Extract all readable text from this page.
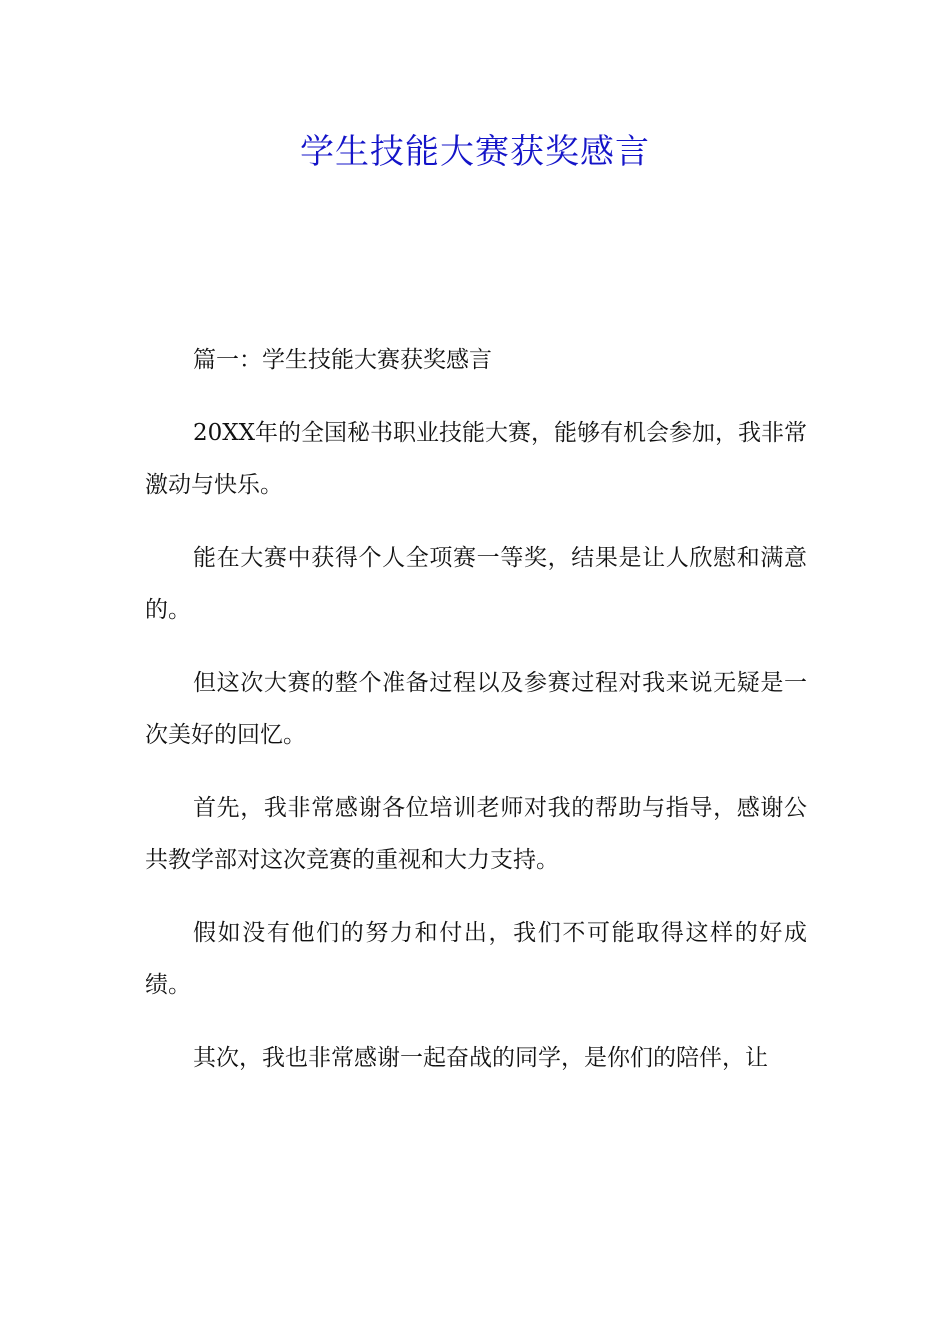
学生技能大赛获奖感言

篇一：学生技能大赛获奖感言

20XX年的全国秘书职业技能大赛，能够有机会参加，我非常激动与快乐。

能在大赛中获得个人全项赛一等奖，结果是让人欣慰和满意的。

但这次大赛的整个准备过程以及参赛过程对我来说无疑是一次美好的回忆。

首先，我非常感谢各位培训老师对我的帮助与指导，感谢公共教学部对这次竞赛的重视和大力支持。

假如没有他们的努力和付出，我们不可能取得这样的好成绩。

其次，我也非常感谢一起奋战的同学，是你们的陪伴，让
